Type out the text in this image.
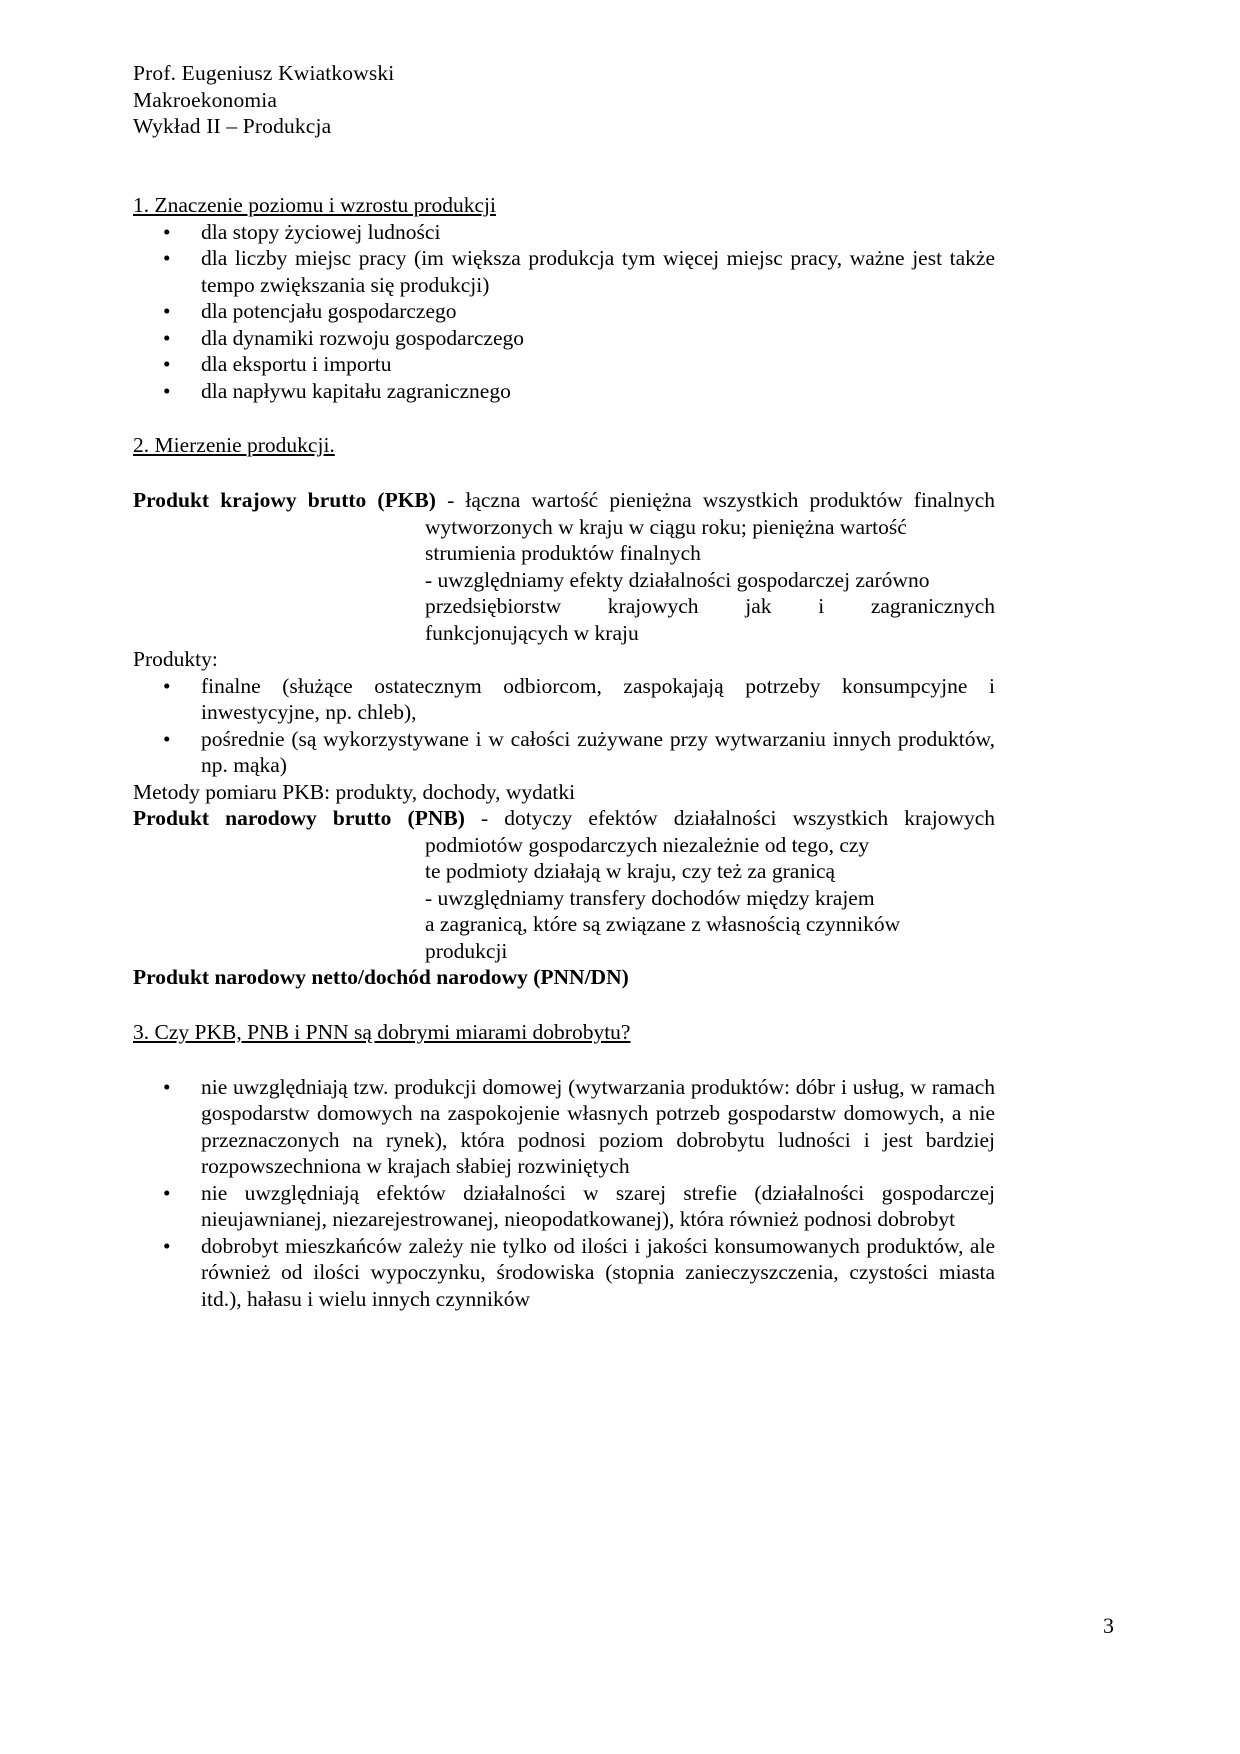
Prof. Eugeniusz Kwiatkowski
Makroekonomia
Wykład II – Produkcja
1. Znaczenie poziomu i wzrostu produkcji
• dla stopy życiowej ludności
• dla liczby miejsc pracy (im większa produkcja tym więcej miejsc pracy, ważne jest także tempo zwiększania się produkcji)
• dla potencjału gospodarczego
• dla dynamiki rozwoju gospodarczego
• dla eksportu i importu
• dla napływu kapitału zagranicznego
2. Mierzenie produkcji.
Produkt krajowy brutto (PKB) - łączna wartość pieniężna wszystkich produktów finalnych

wytworzonych w kraju w ciągu roku; pieniężna wartość

strumienia produktów finalnych

- uwzględniamy efekty działalności gospodarczej zarówno

przedsiębiorstw krajowych jak i zagranicznych

funkcjonujących w kraju

Produkty:
• finalne (służące ostatecznym odbiorcom, zaspokajają potrzeby konsumpcyjne i inwestycyjne, np. chleb),
• pośrednie (są wykorzystywane i w całości zużywane przy wytwarzaniu innych produktów, np. mąka)
Metody pomiaru PKB: produkty, dochody, wydatki
Produkt narodowy brutto (PNB) - dotyczy efektów działalności wszystkich krajowych

podmiotów gospodarczych niezależnie od tego, czy

te podmioty działają w kraju, czy też za granicą

- uwzględniamy transfery dochodów między krajem

a zagranicą, które są związane z własnością czynników

produkcji

Produkt narodowy netto/dochód narodowy (PNN/DN)
3. Czy PKB, PNB i PNN są dobrymi miarami dobrobytu?
• nie uwzględniają tzw. produkcji domowej (wytwarzania produktów: dóbr i usług, w ramach gospodarstw domowych na zaspokojenie własnych potrzeb gospodarstw domowych, a nie przeznaczonych na rynek), która podnosi poziom dobrobytu ludności i jest bardziej rozpowszechniona w krajach słabiej rozwiniętych
• nie uwzględniają efektów działalności w szarej strefie (działalności gospodarczej nieujawnianej, niezarejestrowanej, nieopodatkowanej), która również podnosi dobrobyt
• dobrobyt mieszkańców zależy nie tylko od ilości i jakości konsumowanych produktów, ale również od ilości wypoczynku, środowiska (stopnia zanieczyszczenia, czystości miasta itd.), hałasu i wielu innych czynników
3
